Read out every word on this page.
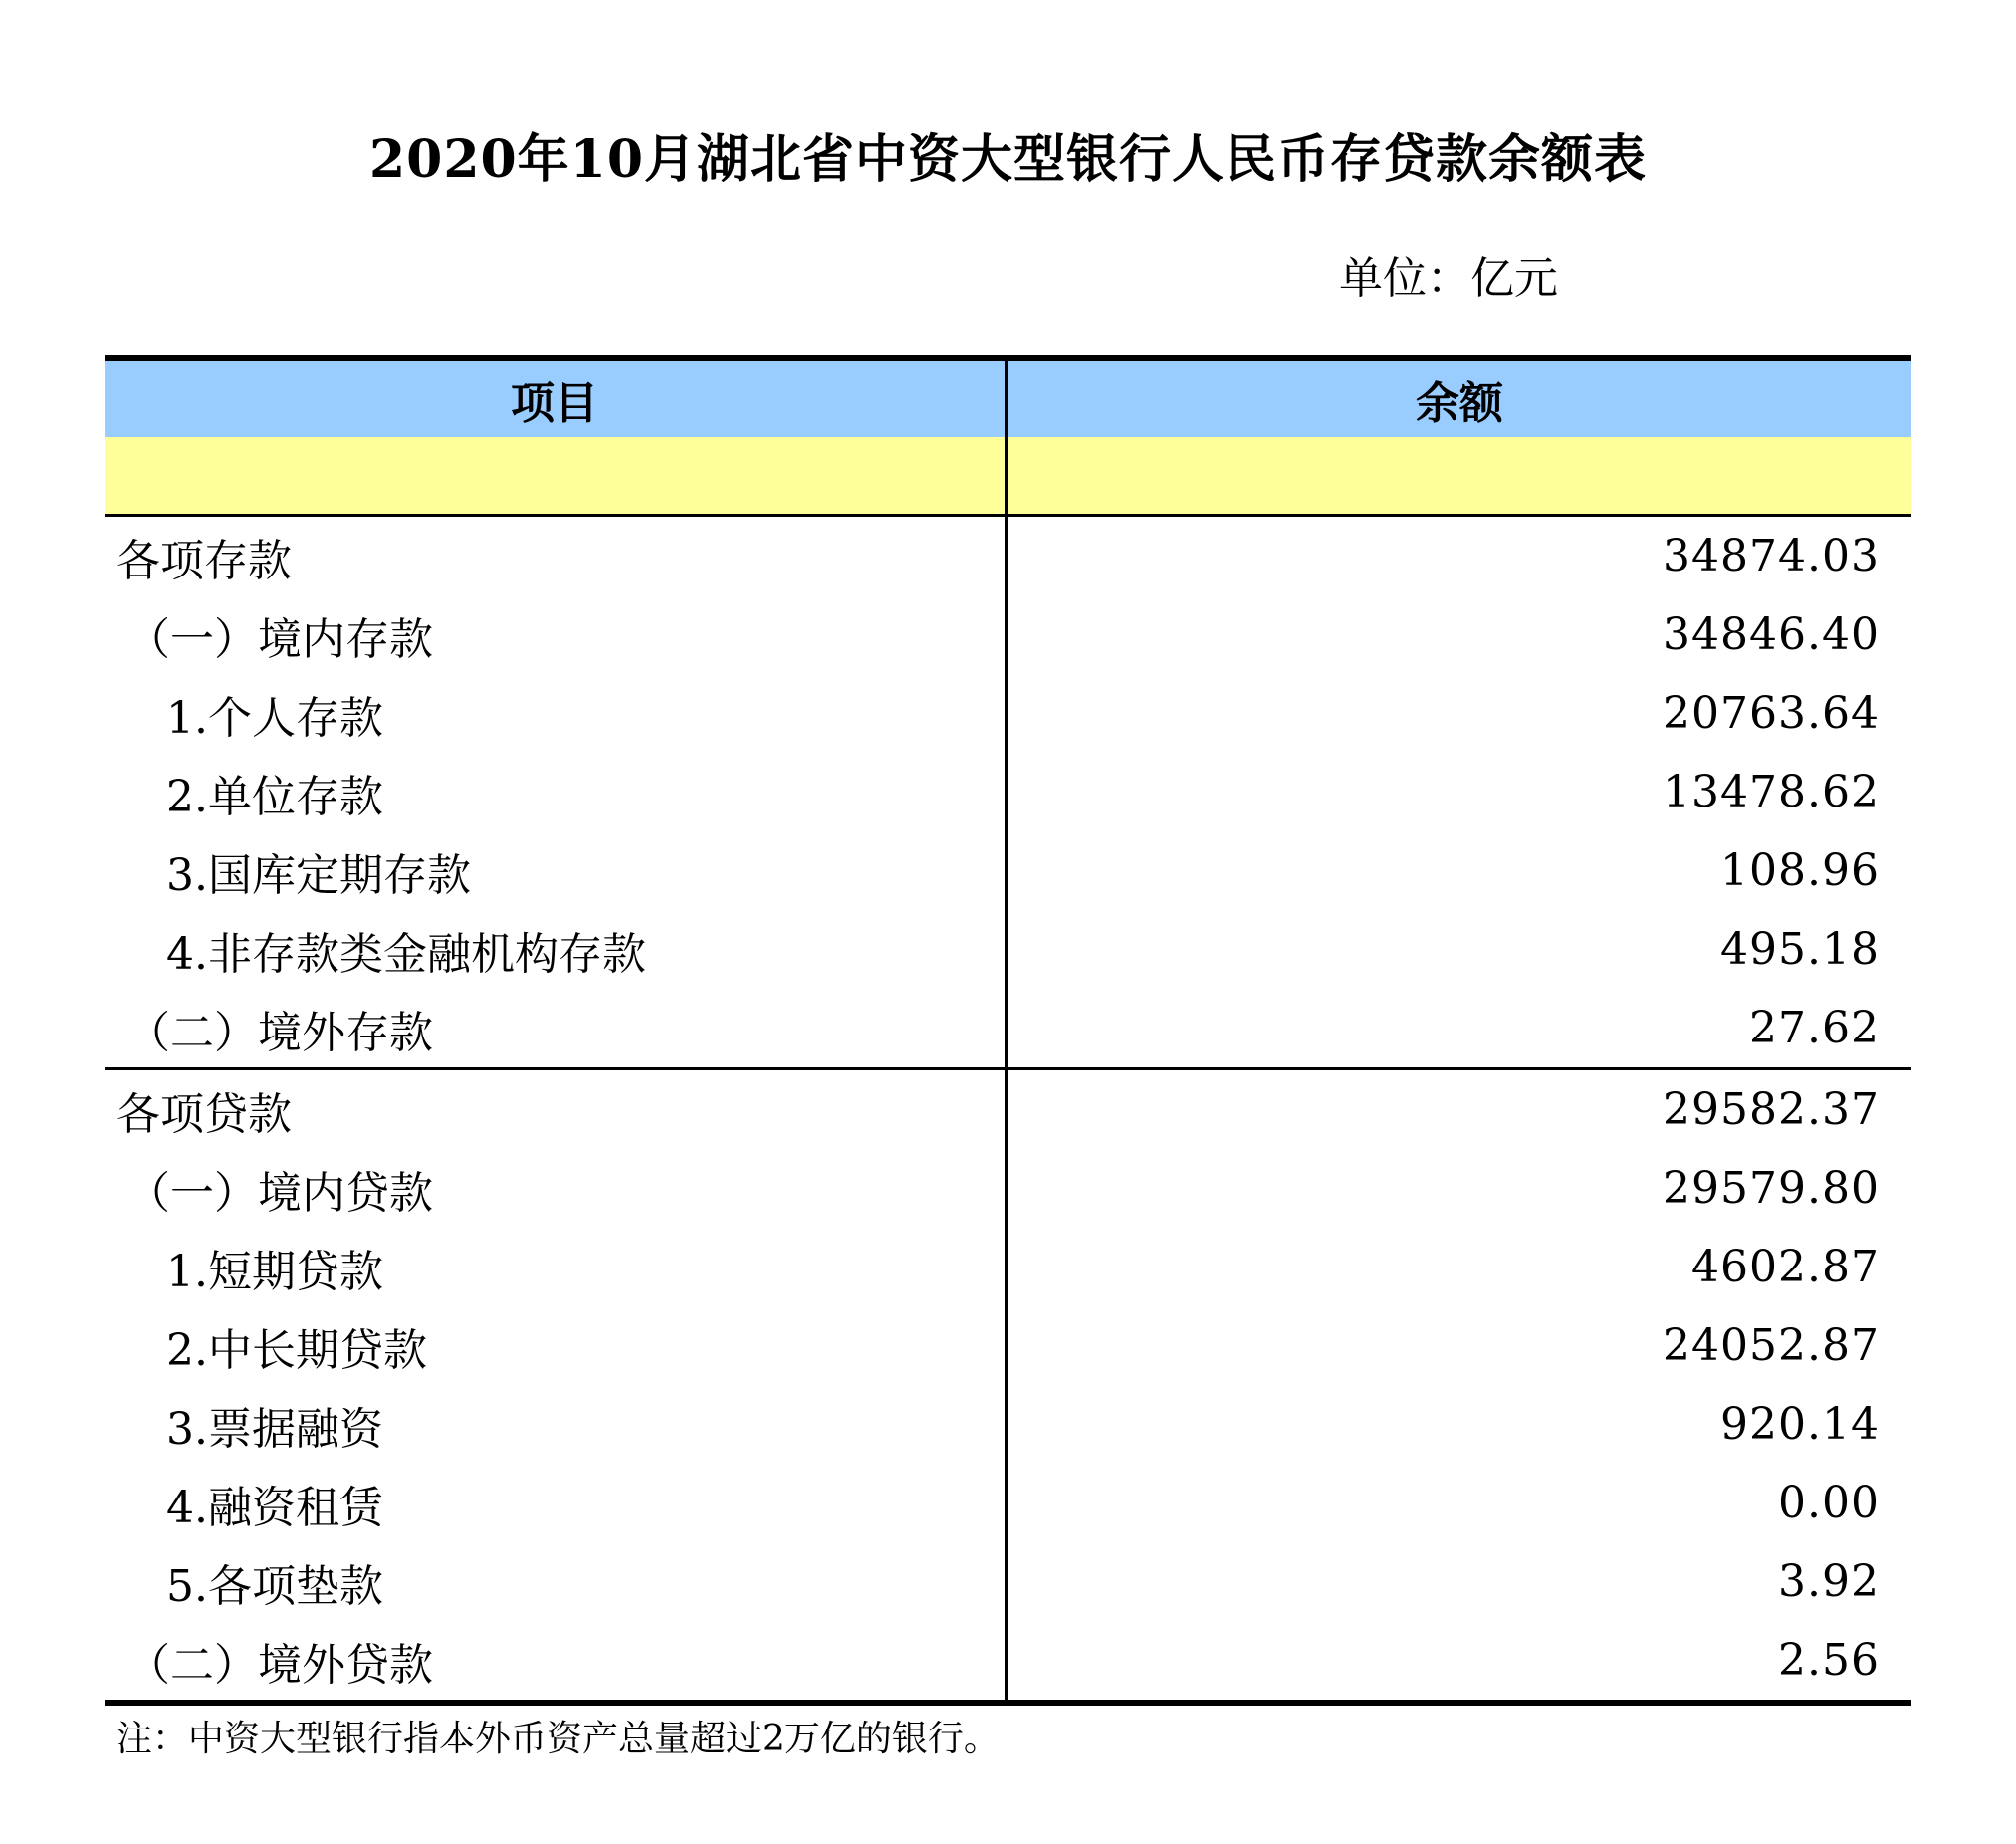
2020年10月湖北省中资大型银行人民币存贷款余额表
单位：亿元
项目	余额
各项存款	34874.03
（一）境内存款	34846.40
1.个人存款	20763.64
2.单位存款	13478.62
3.国库定期存款	108.96
4.非存款类金融机构存款	495.18
（二）境外存款	27.62
各项贷款	29582.37
（一）境内贷款	29579.80
1.短期贷款	4602.87
2.中长期贷款	24052.87
3.票据融资	920.14
4.融资租赁	0.00
5.各项垫款	3.92
（二）境外贷款	2.56
注：中资大型银行指本外币资产总量超过2万亿的银行。
